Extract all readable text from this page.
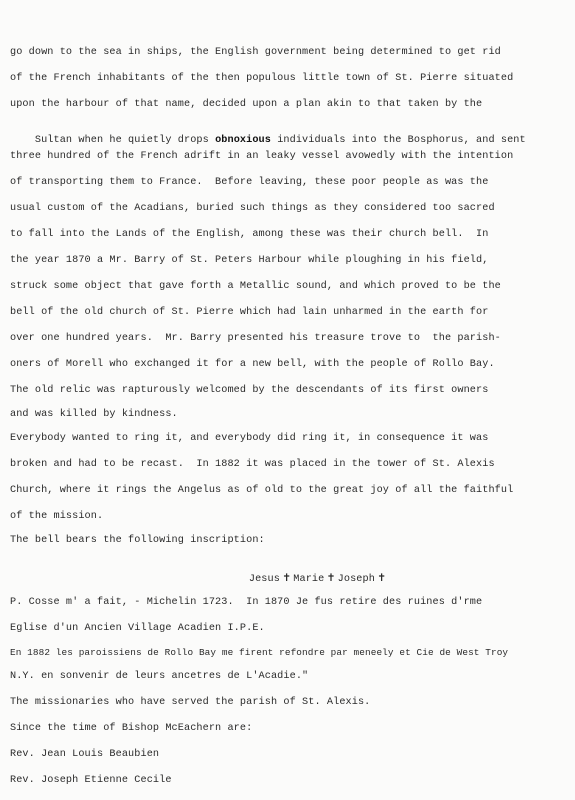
go down to the sea in ships, the English government being determined to get rid
of the French inhabitants of the then populous little town of St. Pierre situated
upon the harbour of that name, decided upon a plan akin to that taken by the

Sultan when he quietly drops obnoxious individuals into the Bosphorus, and sent

three hundred of the French adrift in an leaky vessel avowedly with the intention
of transporting them to France.  Before leaving, these poor people as was the
usual custom of the Acadians, buried such things as they considered too sacred
to fall into the Lands of the English, among these was their church bell.  In
the year 1870 a Mr. Barry of St. Peters Harbour while ploughing in his field,
struck some object that gave forth a Metallic sound, and which proved to be the
bell of the old church of St. Pierre which had lain unharmed in the earth for
over one hundred years.  Mr. Barry presented his treasure trove to  the parish-
oners of Morell who exchanged it for a new bell, with the people of Rollo Bay.
The old relic was rapturously welcomed by the descendants of its first owners
and was killed by kindness.
Everybody wanted to ring it, and everybody did ring it, in consequence it was
broken and had to be recast.  In 1882 it was placed in the tower of St. Alexis
Church, where it rings the Angelus as of old to the great joy of all the faithful
of the mission.
The bell bears the following inscription:

Jesus ✝ Marie ✝ Joseph ✝

P. Cosse m' a fait, - Michelin 1723.  In 1870 Je fus retire des ruines d'rme
Eglise d'un Ancien Village Acadien I.P.E.
En 1882 les paroissiens de Rollo Bay me firent refondre par meneely et Cie de West Troy
N.Y. en sonvenir de leurs ancetres de L'Acadie."
The missionaries who have served the parish of St. Alexis.
Since the time of Bishop McEachern are:
Rev. Jean Louis Beaubien
Rev. Joseph Etienne Cecile
